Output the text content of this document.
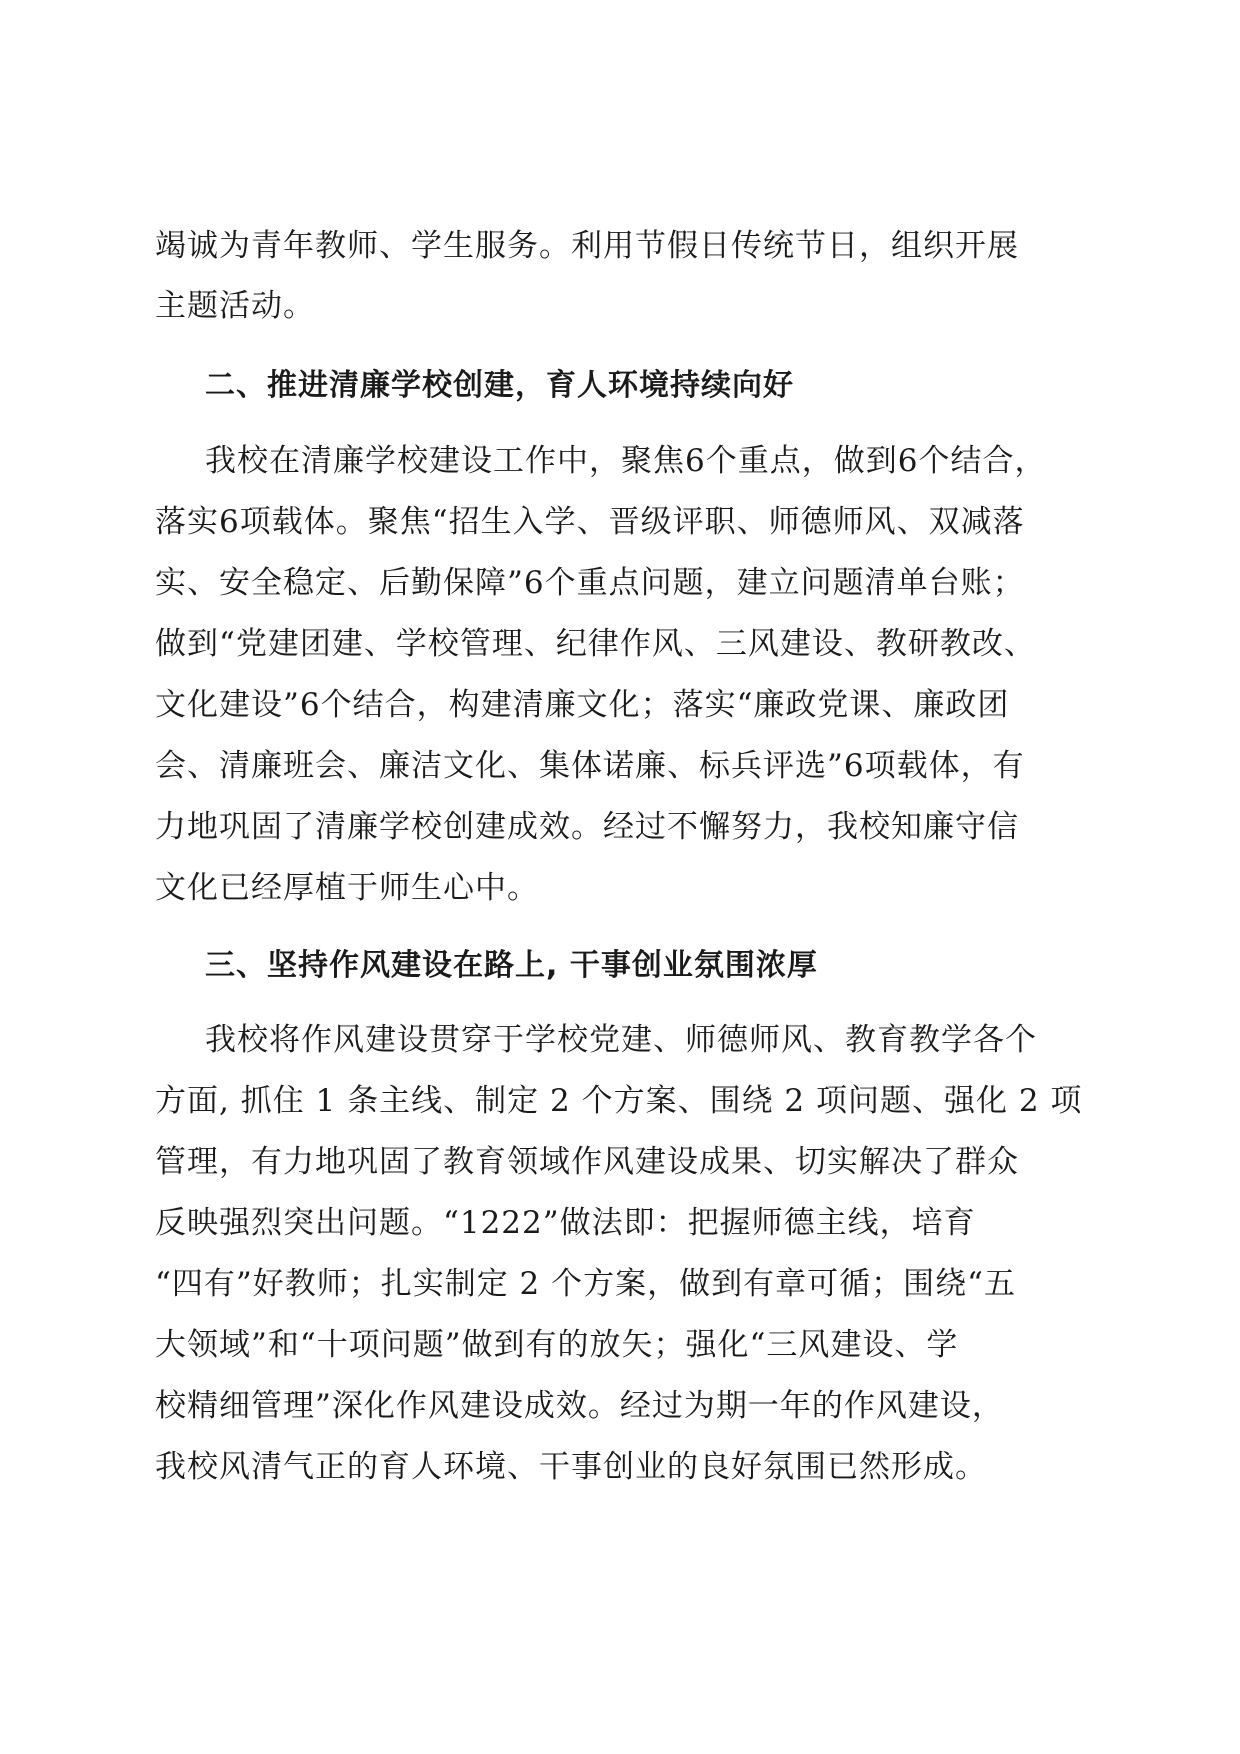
竭诚为青年教师、学生服务。利用节假日传统节日，组织开展
主题活动。
二、推进清廉学校创建，育人环境持续向好
我校在清廉学校建设工作中，聚焦6个重点，做到6个结合，
落实6项载体。聚焦“招生入学、晋级评职、师德师风、双减落
实、安全稳定、后勤保障”6个重点问题，建立问题清单台账；
做到“党建团建、学校管理、纪律作风、三风建设、教研教改、
文化建设”6个结合，构建清廉文化；落实“廉政党课、廉政团
会、清廉班会、廉洁文化、集体诺廉、标兵评选”6项载体，有
力地巩固了清廉学校创建成效。经过不懈努力，我校知廉守信
文化已经厚植于师生心中。
三、坚持作风建设在路上, 干事创业氛围浓厚
我校将作风建设贯穿于学校党建、师德师风、教育教学各个
方面, 抓住 1 条主线、制定 2 个方案、围绕 2 项问题、强化 2 项
管理，有力地巩固了教育领域作风建设成果、切实解决了群众
反映强烈突出问题。“1222”做法即：把握师德主线，培育
“四有”好教师；扎实制定 2 个方案，做到有章可循；围绕“五
大领域”和“十项问题”做到有的放矢；强化“三风建设、学
校精细管理”深化作风建设成效。经过为期一年的作风建设，
我校风清气正的育人环境、干事创业的良好氛围已然形成。
